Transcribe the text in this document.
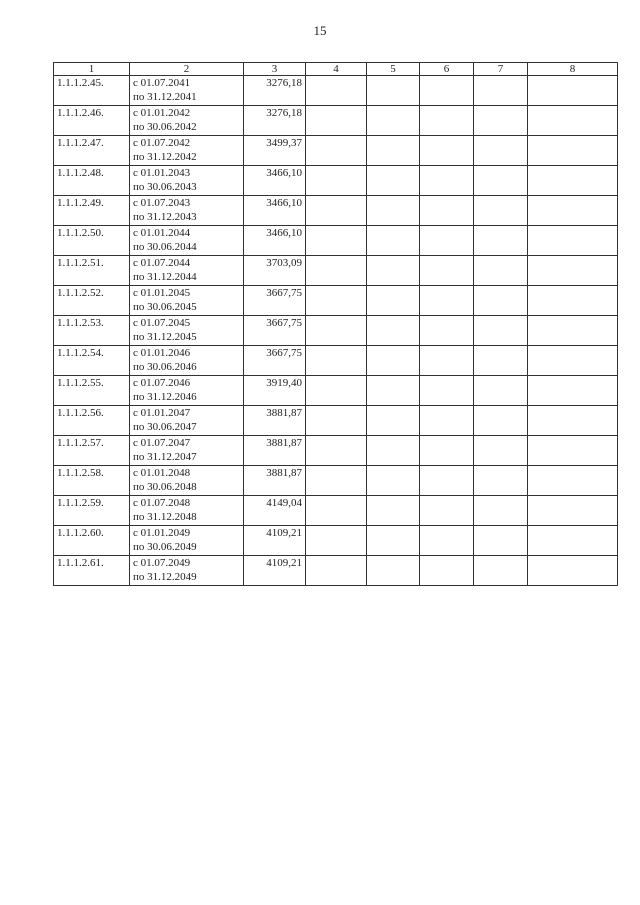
15
1	2	3	4	5	6	7	8
1.1.1.2.45.	с 01.07.2041
по 31.12.2041	3276,18					
1.1.1.2.46.	с 01.01.2042
по 30.06.2042	3276,18					
1.1.1.2.47.	с 01.07.2042
по 31.12.2042	3499,37					
1.1.1.2.48.	с 01.01.2043
по 30.06.2043	3466,10					
1.1.1.2.49.	с 01.07.2043
по 31.12.2043	3466,10					
1.1.1.2.50.	с 01.01.2044
по 30.06.2044	3466,10					
1.1.1.2.51.	с 01.07.2044
по 31.12.2044	3703,09					
1.1.1.2.52.	с 01.01.2045
по 30.06.2045	3667,75					
1.1.1.2.53.	с 01.07.2045
по 31.12.2045	3667,75					
1.1.1.2.54.	с 01.01.2046
по 30.06.2046	3667,75					
1.1.1.2.55.	с 01.07.2046
по 31.12.2046	3919,40					
1.1.1.2.56.	с 01.01.2047
по 30.06.2047	3881,87					
1.1.1.2.57.	с 01.07.2047
по 31.12.2047	3881,87					
1.1.1.2.58.	с 01.01.2048
по 30.06.2048	3881,87					
1.1.1.2.59.	с 01.07.2048
по 31.12.2048	4149,04					
1.1.1.2.60.	с 01.01.2049
по 30.06.2049	4109,21					
1.1.1.2.61.	с 01.07.2049
по 31.12.2049	4109,21					
